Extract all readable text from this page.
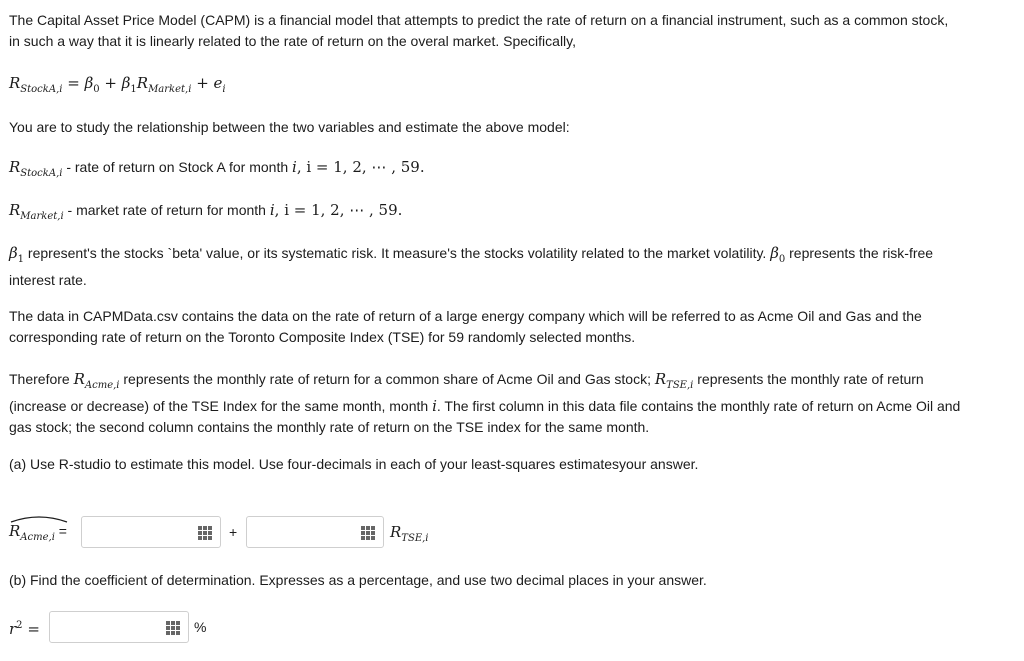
The Capital Asset Price Model (CAPM) is a financial model that attempts to predict the rate of return on a financial instrument, such as a common stock,
in such a way that it is linearly related to the rate of return on the overal market. Specifically,

$R_{StockA,i} = \beta_0 + \beta_1R_{Market,i} + e_i$

You are to study the relationship between the two variables and estimate the above model:

$R_{StockA,i}$ - rate of return on Stock A for month i, i = 1, 2, ⋯ , 59.

$R_{Market,i}$ - market rate of return for month i, i = 1, 2, ⋯ , 59.

$\beta_1$ represent's the stocks `beta' value, or its systematic risk. It measure's the stocks volatility related to the market volatility. $\beta_0$ represents the risk-free
interest rate.

The data in CAPMData.csv contains the data on the rate of return of a large energy company which will be referred to as Acme Oil and Gas and the
corresponding rate of return on the Toronto Composite Index (TSE) for 59 randomly selected months.

Therefore $R_{Acme,i}$ represents the monthly rate of return for a common share of Acme Oil and Gas stock; $R_{TSE,i}$ represents the monthly rate of return
(increase or decrease) of the TSE Index for the same month, month i. The first column in this data file contains the monthly rate of return on Acme Oil and
gas stock; the second column contains the monthly rate of return on the TSE index for the same month.

(a) Use R-studio to estimate this model. Use four-decimals in each of your least-squares estimatesyour answer.

$R_{Acme,i}$ =	+	$R_{TSE,i}$

(b) Find the coefficient of determination. Expresses as a percentage, and use two decimal places in your answer.

$r^2$ =	%
